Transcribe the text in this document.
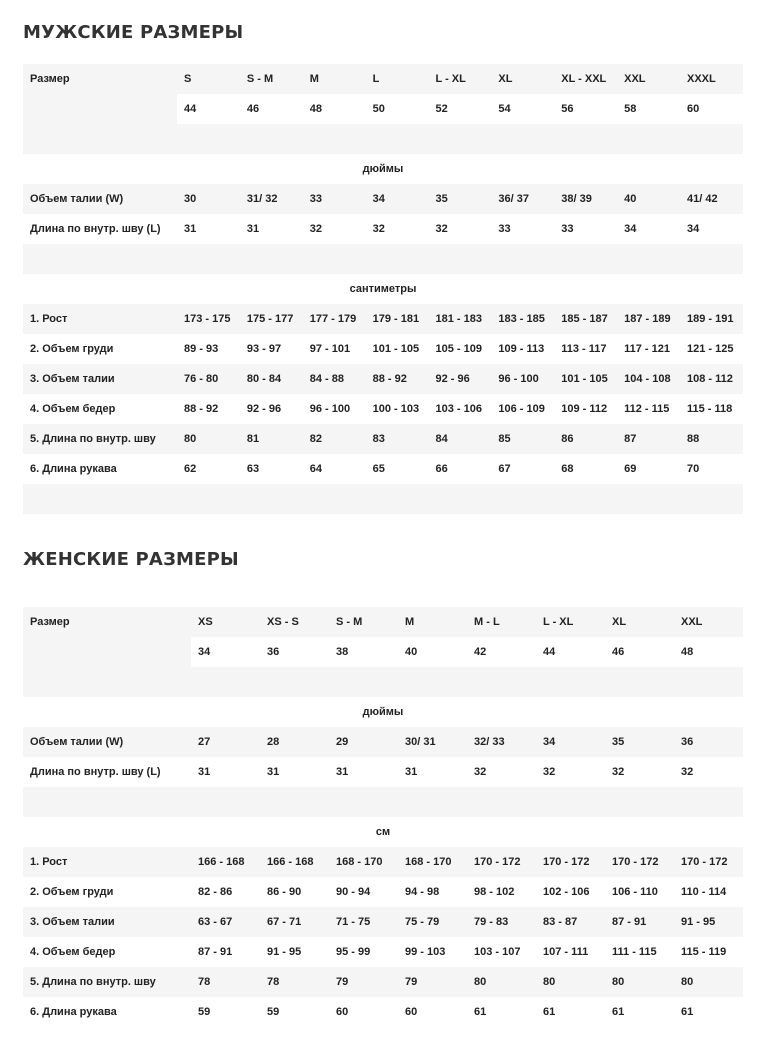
МУЖСКИЕ РАЗМЕРЫ
Размер	S	S - M	M	L	L - XL	XL	XL - XXL	XXL	XXXL
	44	46	48	50	52	54	56	58	60

дюймы									
Объем талии (W)	30	31/ 32	33	34	35	36/ 37	38/ 39	40	41/ 42
Длина по внутр. шву (L)	31	31	32	32	32	33	33	34	34

сантиметры									
1. Рост	173 - 175	175 - 177	177 - 179	179 - 181	181 - 183	183 - 185	185 - 187	187 - 189	189 - 191
2. Объем груди	89 - 93	93 - 97	97 - 101	101 - 105	105 - 109	109 - 113	113 - 117	117 - 121	121 - 125
3. Объем талии	76 - 80	80 - 84	84 - 88	88 - 92	92 - 96	96 - 100	101 - 105	104 - 108	108 - 112
4. Объем бедер	88 - 92	92 - 96	96 - 100	100 - 103	103 - 106	106 - 109	109 - 112	112 - 115	115 - 118
5. Длина по внутр. шву	80	81	82	83	84	85	86	87	88
6. Длина рукава	62	63	64	65	66	67	68	69	70

ЖЕНСКИЕ РАЗМЕРЫ
Размер	XS	XS - S	S - M	M	M - L	L - XL	XL	XXL
	34	36	38	40	42	44	46	48

дюймы								
Объем талии (W)	27	28	29	30/ 31	32/ 33	34	35	36
Длина по внутр. шву (L)	31	31	31	31	32	32	32	32

см								
1. Рост	166 - 168	166 - 168	168 - 170	168 - 170	170 - 172	170 - 172	170 - 172	170 - 172
2. Объем груди	82 - 86	86 - 90	90 - 94	94 - 98	98 - 102	102 - 106	106 - 110	110 - 114
3. Объем талии	63 - 67	67 - 71	71 - 75	75 - 79	79 - 83	83 - 87	87 - 91	91 - 95
4. Объем бедер	87 - 91	91 - 95	95 - 99	99 - 103	103 - 107	107 - 111	111 - 115	115 - 119
5. Длина по внутр. шву	78	78	79	79	80	80	80	80
6. Длина рукава	59	59	60	60	61	61	61	61
